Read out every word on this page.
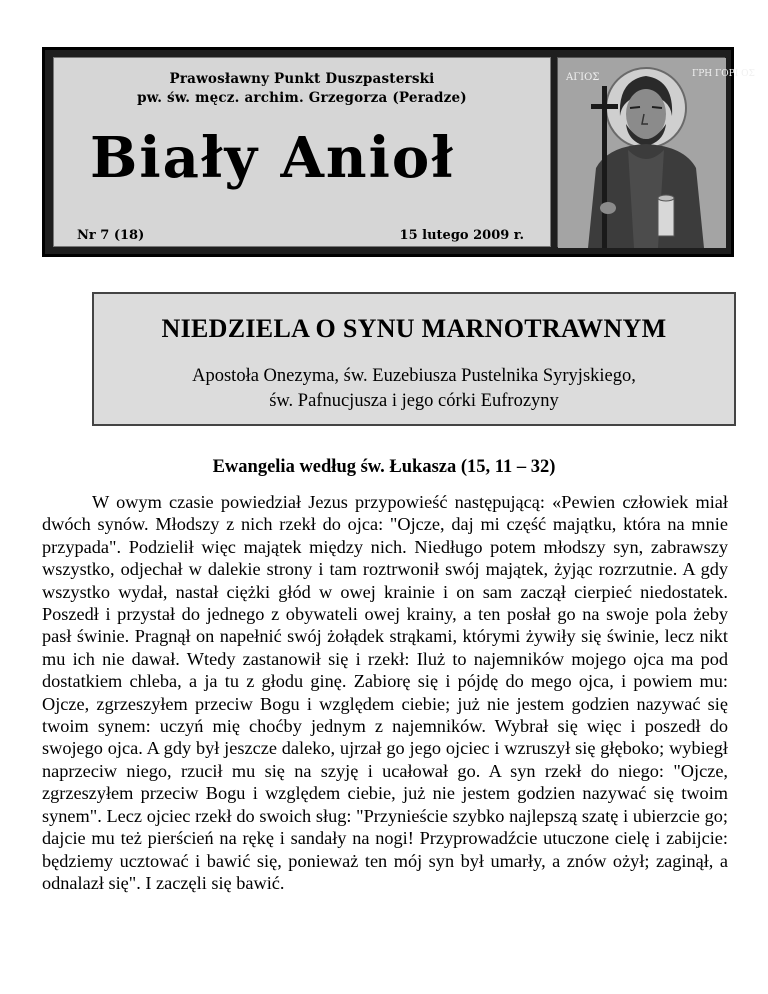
Prawosławny Punkt Duszpasterski
pw. św. męcz. archim. Grzegorza (Peradze)
Biały Anioł
Nr 7 (18)	15 lutego 2009 r.
ΑΓΙΟΣ	ΓΡΗ ΓΟΡΙ ΟΣ
NIEDZIELA O SYNU MARNOTRAWNYM
Apostoła Onezyma, św. Euzebiusza Pustelnika Syryjskiego,
św. Pafnucjusza i jego córki Eufrozyny
Ewangelia według św. Łukasza (15, 11 – 32)

W owym czasie powiedział Jezus przypowieść następującą: «Pewien człowiek miał dwóch synów. Młodszy z nich rzekł do ojca: "Ojcze, daj mi część majątku, która na mnie przypada". Podzielił więc majątek między nich. Niedługo potem młodszy syn, zabrawszy wszystko, odjechał w dalekie strony i tam roztrwonił swój majątek, żyjąc rozrzutnie. A gdy wszystko wydał, nastał ciężki głód w owej krainie i on sam zaczął cierpieć niedostatek. Poszedł i przystał do jednego z obywateli owej krainy, a ten posłał go na swoje pola żeby pasł świnie. Pragnął on napełnić swój żołądek strąkami, którymi żywiły się świnie, lecz nikt mu ich nie dawał. Wtedy zastanowił się i rzekł: Iluż to najemników mojego ojca ma pod dostatkiem chleba, a ja tu z głodu ginę. Zabiorę się i pójdę do mego ojca, i powiem mu: Ojcze, zgrzeszyłem przeciw Bogu i względem ciebie; już nie jestem godzien nazywać się twoim synem: uczyń mię choćby jednym z najemników. Wybrał się więc i poszedł do swojego ojca. A gdy był jeszcze daleko, ujrzał go jego ojciec i wzruszył się głęboko; wybiegł naprzeciw niego, rzucił mu się na szyję i ucałował go. A syn rzekł do niego: "Ojcze, zgrzeszyłem przeciw Bogu i względem ciebie, już nie jestem godzien nazywać się twoim synem". Lecz ojciec rzekł do swoich sług: "Przynieście szybko najlepszą szatę i ubierzcie go; dajcie mu też pierścień na rękę i sandały na nogi! Przyprowadźcie utuczone cielę i zabijcie: będziemy ucztować i bawić się, ponieważ ten mój syn był umarły, a znów ożył; zaginął, a odnalazł się". I zaczęli się bawić.
